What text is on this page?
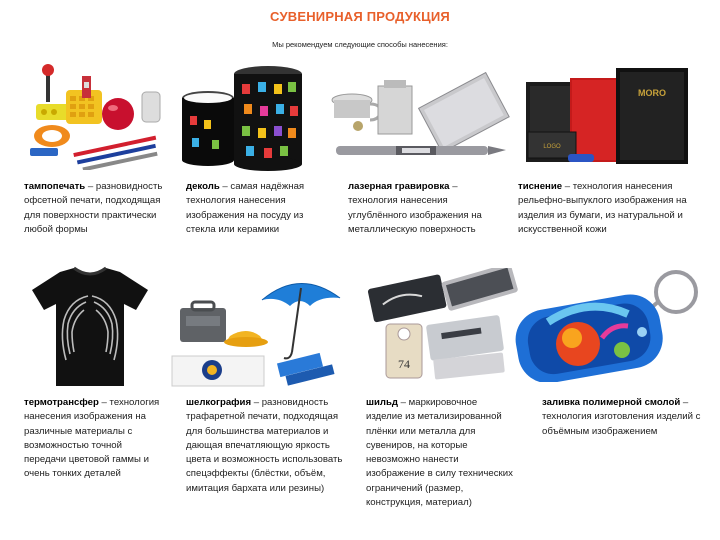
СУВЕНИРНАЯ ПРОДУКЦИЯ
Мы рекомендуем следующие способы нанесения:
тампопечать – разновидность офсетной печати, подходящая для поверхности практически любой формы
деколь – самая надёжная технология нанесения изображения на посуду из стекла или керамики
лазерная гравировка – технология нанесения углублённого изображения на металлическую поверхность
MORO
LOGO
тиснение – технология нанесения рельефно-выпуклого изображения на изделия из бумаги, из натуральной и искусственной кожи
термотрансфер – технология нанесения изображения на различные материалы с возможностью точной передачи цветовой гаммы и очень тонких деталей
шелкография – разновидность трафаретной печати, подходящая для большинства материалов и дающая впечатляющую яркость цвета и возможность использовать спецэффекты (блёстки, объём, имитация бархата или резины)
74
шильд – маркировочное изделие из метализированной плёнки или металла для сувениров, на которые невозможно нанести изображение в силу технических ограничений (размер, конструкция, материал)
заливка полимерной смолой – технология изготовления изделий с объёмным изображением
